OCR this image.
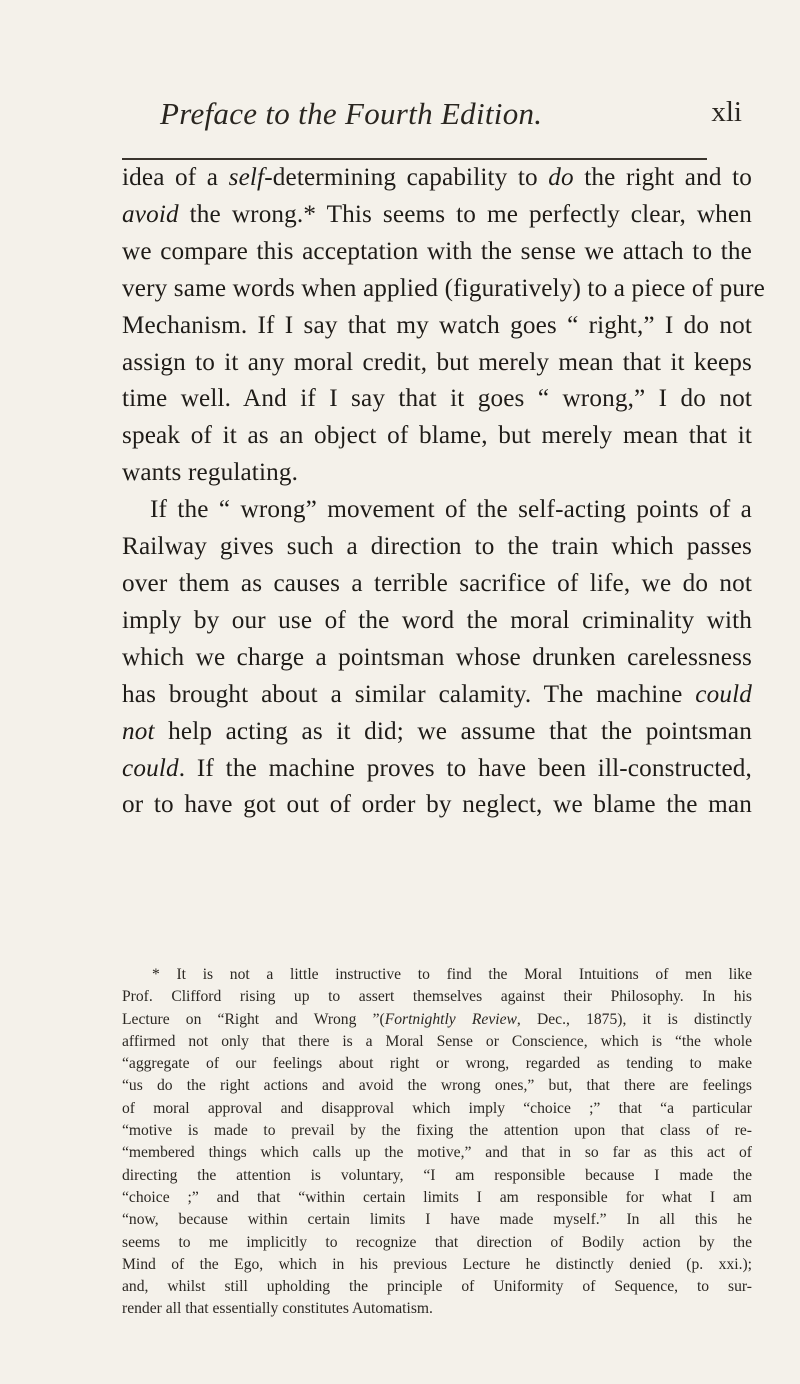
Preface to the Fourth Edition.	xli
idea of a self-determining capability to do the right and to
avoid the wrong.* This seems to me perfectly clear, when
we compare this acceptation with the sense we attach to the
very same words when applied (figuratively) to a piece of pure
Mechanism. If I say that my watch goes “ right,” I do not
assign to it any moral credit, but merely mean that it keeps
time well. And if I say that it goes “ wrong,” I do not
speak of it as an object of blame, but merely mean that it
wants regulating.
If the “ wrong” movement of the self-acting points of a
Railway gives such a direction to the train which passes
over them as causes a terrible sacrifice of life, we do not
imply by our use of the word the moral criminality with
which we charge a pointsman whose drunken carelessness
has brought about a similar calamity. The machine could
not help acting as it did; we assume that the pointsman
could. If the machine proves to have been ill-constructed,
or to have got out of order by neglect, we blame the man
* It is not a little instructive to find the Moral Intuitions of men like
Prof. Clifford rising up to assert themselves against their Philosophy. In his
Lecture on “Right and Wrong ”(Fortnightly Review, Dec., 1875), it is distinctly
affirmed not only that there is a Moral Sense or Conscience, which is “the whole
“aggregate of our feelings about right or wrong, regarded as tending to make
“us do the right actions and avoid the wrong ones,” but, that there are feelings
of moral approval and disapproval which imply “choice ;” that “a particular
“motive is made to prevail by the fixing the attention upon that class of re-
“membered things which calls up the motive,” and that in so far as this act of
directing the attention is voluntary, “I am responsible because I made the
“choice ;” and that “within certain limits I am responsible for what I am
“now, because within certain limits I have made myself.” In all this he
seems to me implicitly to recognize that direction of Bodily action by the
Mind of the Ego, which in his previous Lecture he distinctly denied (p. xxi.);
and, whilst still upholding the principle of Uniformity of Sequence, to sur-
render all that essentially constitutes Automatism.
